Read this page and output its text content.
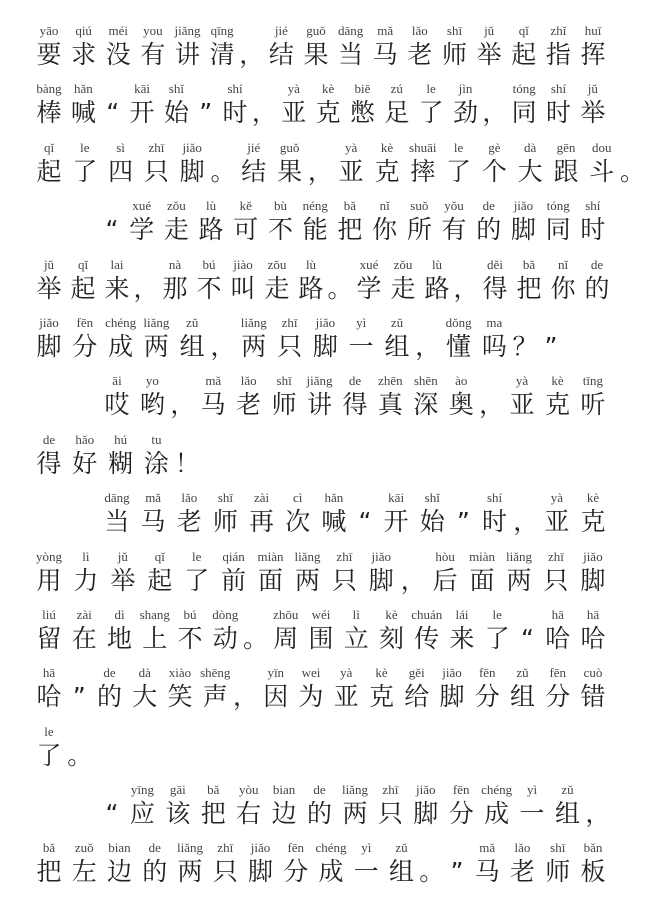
yāo
要
qiú
求
méi
没
you
有
jiǎng
讲
qīng
清 ，
jié
结
guǒ
果
dāng
当
mǎ
马
lǎo
老
shī
师
jǔ
举
qǐ
起
zhǐ
指
huī
挥
bàng
棒
hǎn
喊 “
kāi
开
shǐ
始 ”
shí
时 ，
yà
亚
kè
克
biē
憋
zú
足
le
了
jìn
劲 ，
tóng
同
shí
时
jǔ
举
qǐ
起
le
了
sì
四
zhī
只
jiǎo
脚 。
jié
结
guǒ
果 ，
yà
亚
kè
克
shuāi
摔
le
了
gè
个
dà
大
gēn
跟
dou
斗 。
“
xué
学
zǒu
走
lù
路
kě
可
bù
不
néng
能
bǎ
把
nǐ
你
suǒ
所
yǒu
有
de
的
jiǎo
脚
tóng
同
shí
时
jǔ
举
qǐ
起
lai
来 ，
nà
那
bú
不
jiào
叫
zǒu
走
lù
路 。
xué
学
zǒu
走
lù
路 ，
děi
得
bǎ
把
nǐ
你
de
的
jiǎo
脚
fēn
分
chéng
成
liǎng
两
zǔ
组 ，
liǎng
两
zhī
只
jiǎo
脚
yì
一
zǔ
组 ，
dǒng
懂
ma
吗 ？ ”
āi
哎
yo
哟 ，
mǎ
马
lǎo
老
shī
师
jiǎng
讲
de
得
zhēn
真
shēn
深
ào
奥 ，
yà
亚
kè
克
tīng
听
de
得
hǎo
好
hú
糊
tu
涂 ！
dāng
当
mǎ
马
lǎo
老
shī
师
zài
再
cì
次
hǎn
喊 “
kāi
开
shǐ
始 ”
shí
时 ，
yà
亚
kè
克
yòng
用
lì
力
jǔ
举
qǐ
起
le
了
qián
前
miàn
面
liǎng
两
zhī
只
jiǎo
脚 ，
hòu
后
miàn
面
liǎng
两
zhī
只
jiǎo
脚
liú
留
zài
在
dì
地
shang
上
bú
不
dòng
动 。
zhōu
周
wéi
围
lì
立
kè
刻
chuán
传
lái
来
le
了 “
hā
哈
hā
哈
hā
哈 ”
de
的
dà
大
xiào
笑
shēng
声 ，
yīn
因
wei
为
yà
亚
kè
克
gěi
给
jiǎo
脚
fēn
分
zǔ
组
fēn
分
cuò
错
le
了 。
“
yīng
应
gāi
该
bǎ
把
yòu
右
bian
边
de
的
liǎng
两
zhī
只
jiǎo
脚
fēn
分
chéng
成
yì
一
zǔ
组 ，
bǎ
把
zuǒ
左
bian
边
de
的
liǎng
两
zhī
只
jiǎo
脚
fēn
分
chéng
成
yì
一
zǔ
组 。 ”
mǎ
马
lǎo
老
shī
师
bǎn
板
